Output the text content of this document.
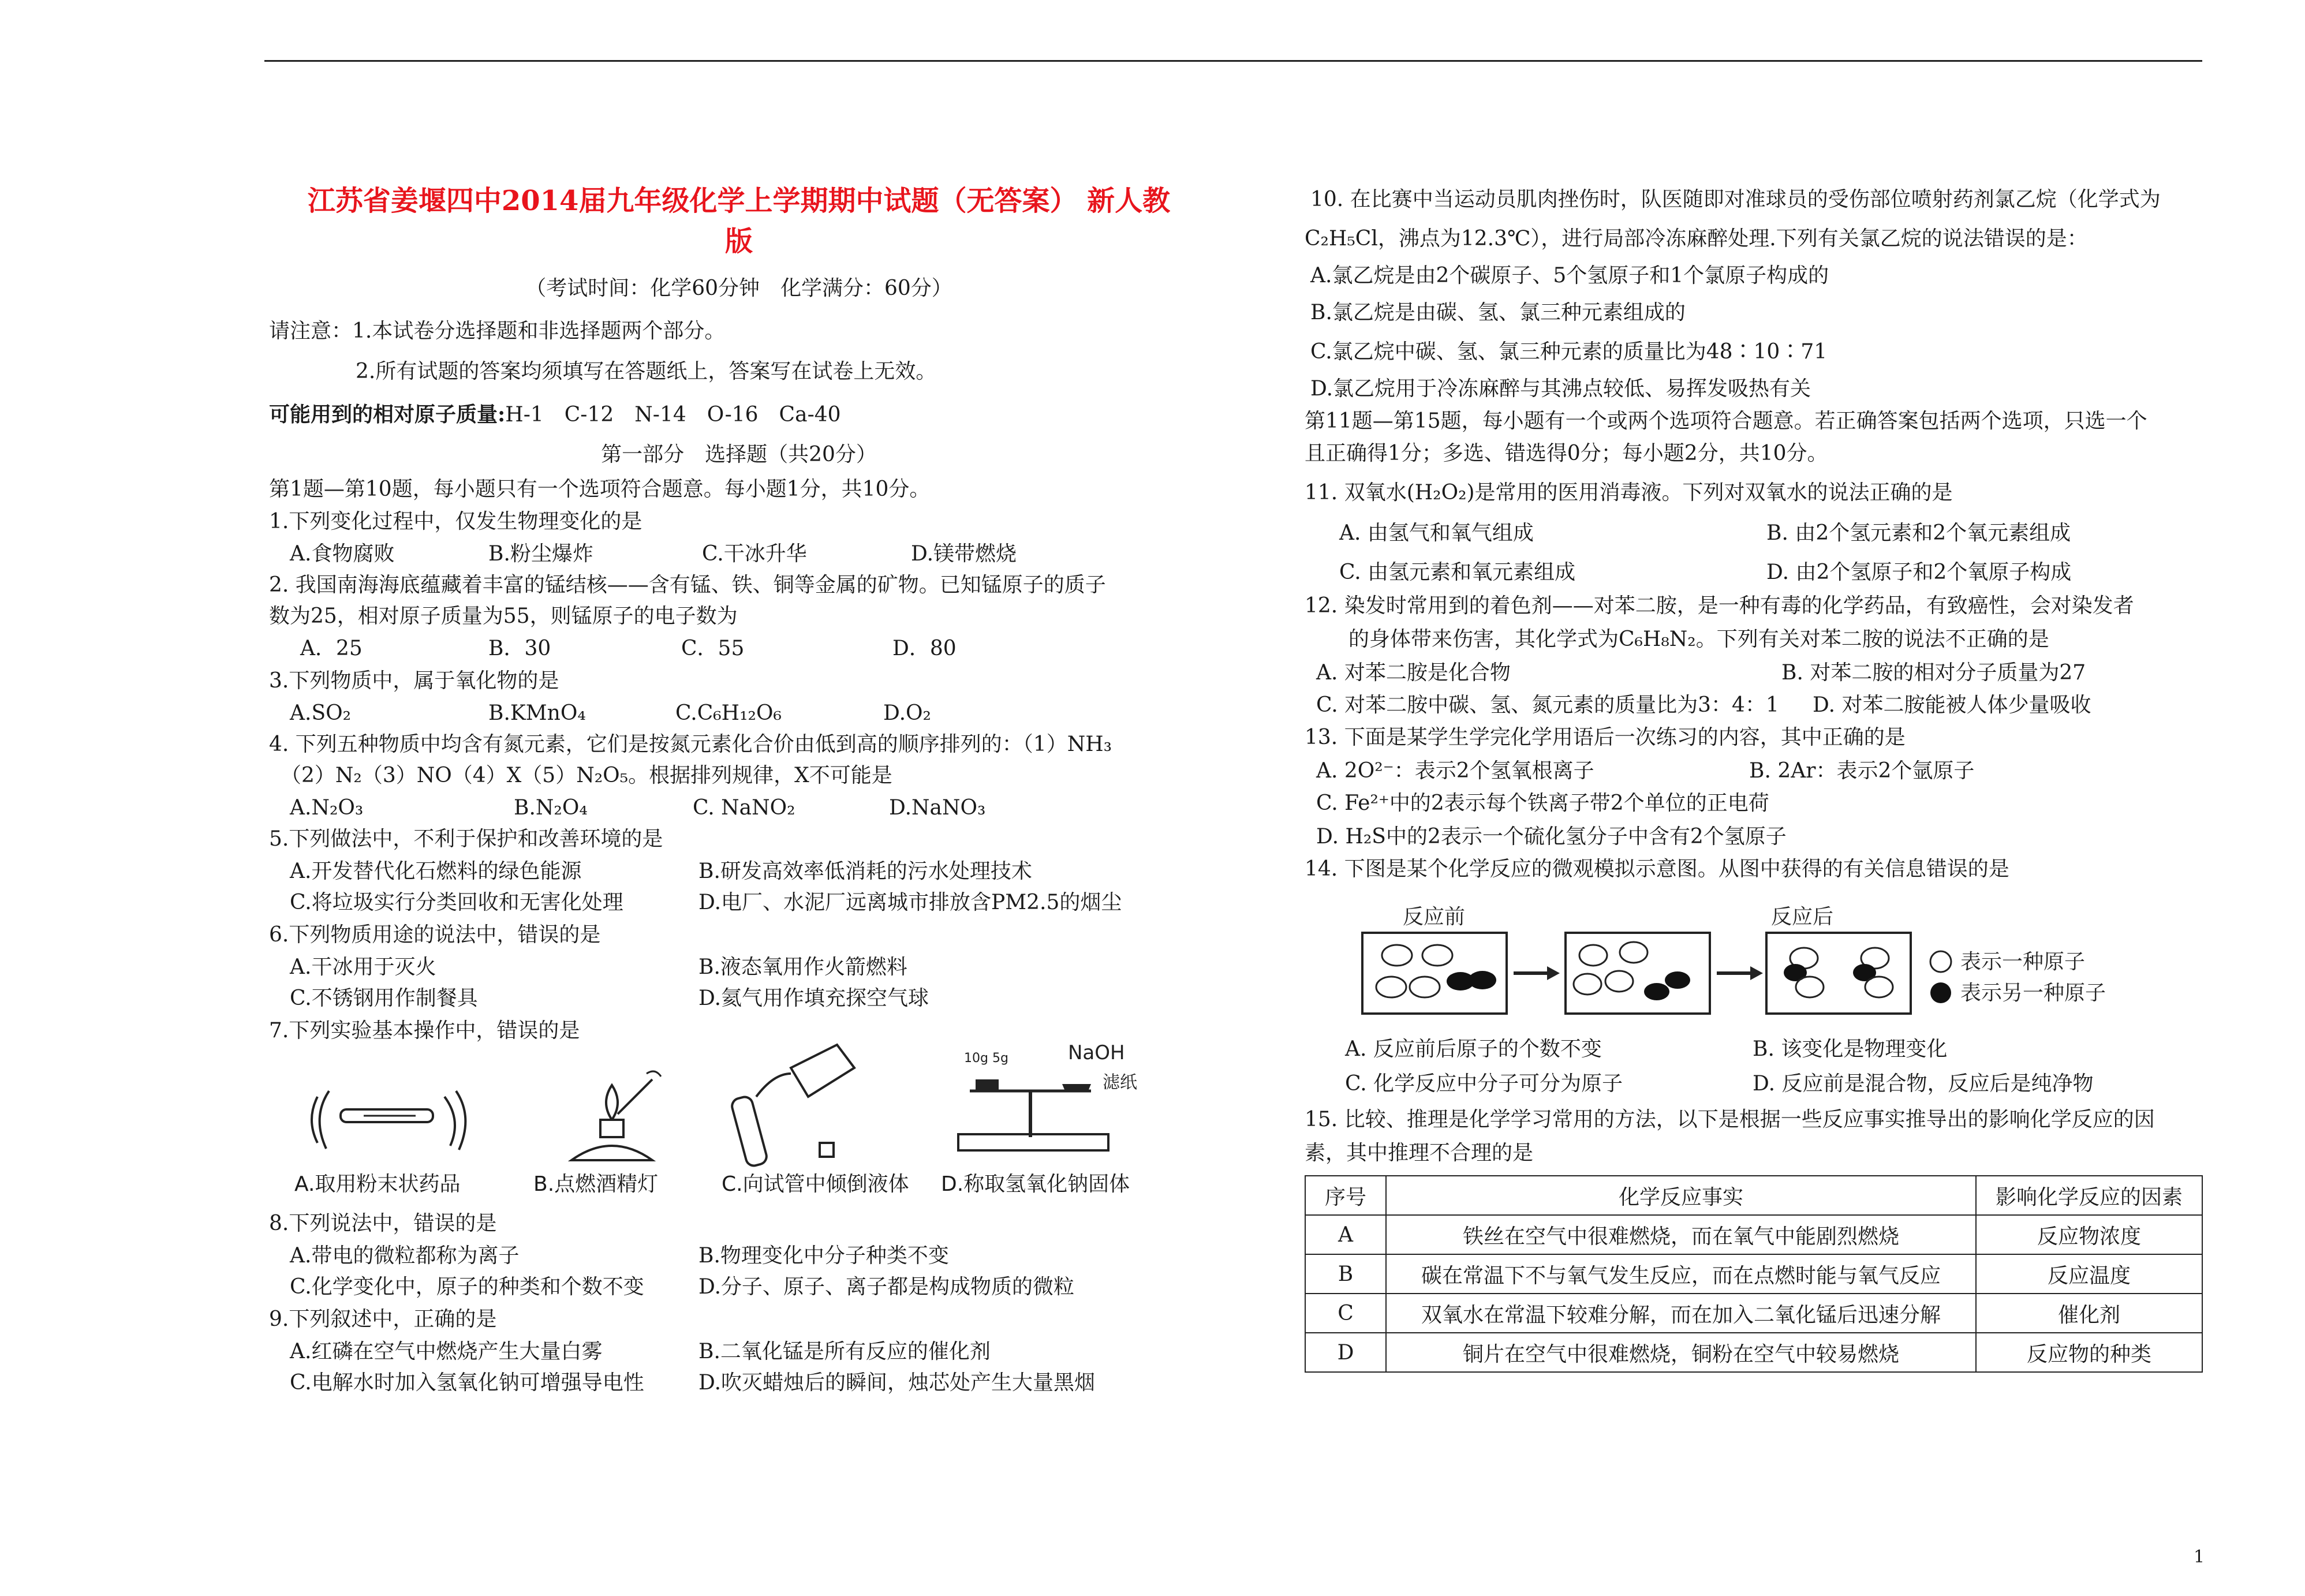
江苏省姜堰四中2014届九年级化学上学期期中试题（无答案） 新人教
版
（考试时间：化学60分钟　化学满分：60分）
请注意：1.本试卷分选择题和非选择题两个部分。
2.所有试题的答案均须填写在答题纸上，答案写在试卷上无效。
可能用到的相对原子质量:H-1　C-12　N-14　O-16　Ca-40
第一部分　选择题（共20分）
第1题—第10题，每小题只有一个选项符合题意。每小题1分，共10分。
1.下列变化过程中，仅发生物理变化的是
A.食物腐败	B.粉尘爆炸	C.干冰升华	D.镁带燃烧
2. 我国南海海底蕴藏着丰富的锰结核——含有锰、铁、铜等金属的矿物。已知锰原子的质子
数为25，相对原子质量为55，则锰原子的电子数为
A．25	B．30	C．55	D．80
3.下列物质中，属于氧化物的是
A.SO₂	B.KMnO₄	C.C₆H₁₂O₆	D.O₂
4. 下列五种物质中均含有氮元素，它们是按氮元素化合价由低到高的顺序排列的：（1）NH₃
（2）N₂（3）NO（4）X（5）N₂O₅。根据排列规律，X不可能是
A.N₂O₃	B.N₂O₄	C. NaNO₂	D.NaNO₃
5.下列做法中，不利于保护和改善环境的是
A.开发替代化石燃料的绿色能源	B.研发高效率低消耗的污水处理技术
C.将垃圾实行分类回收和无害化处理	D.电厂、水泥厂远离城市排放含PM2.5的烟尘
6.下列物质用途的说法中，错误的是
A.干冰用于灭火	B.液态氧用作火箭燃料
C.不锈钢用作制餐具	D.氦气用作填充探空气球
7.下列实验基本操作中，错误的是
10g 5g	NaOH
滤纸
A.取用粉末状药品	B.点燃酒精灯	C.向试管中倾倒液体 D.称取氢氧化钠固体
8.下列说法中，错误的是
A.带电的微粒都称为离子	B.物理变化中分子种类不变
C.化学变化中，原子的种类和个数不变	D.分子、原子、离子都是构成物质的微粒
9.下列叙述中，正确的是
A.红磷在空气中燃烧产生大量白雾	B.二氧化锰是所有反应的催化剂
C.电解水时加入氢氧化钠可增强导电性	D.吹灭蜡烛后的瞬间，烛芯处产生大量黑烟
10. 在比赛中当运动员肌肉挫伤时，队医随即对准球员的受伤部位喷射药剂氯乙烷（化学式为
C₂H₅Cl，沸点为12.3℃），进行局部冷冻麻醉处理.下列有关氯乙烷的说法错误的是：
A.氯乙烷是由2个碳原子、5个氢原子和1个氯原子构成的
B.氯乙烷是由碳、氢、氯三种元素组成的
C.氯乙烷中碳、氢、氯三种元素的质量比为48∶10∶71
D.氯乙烷用于冷冻麻醉与其沸点较低、易挥发吸热有关
第11题—第15题，每小题有一个或两个选项符合题意。若正确答案包括两个选项，只选一个
且正确得1分；多选、错选得0分；每小题2分，共10分。
11. 双氧水(H₂O₂)是常用的医用消毒液。下列对双氧水的说法正确的是
A. 由氢气和氧气组成	B. 由2个氢元素和2个氧元素组成
C. 由氢元素和氧元素组成	D. 由2个氢原子和2个氧原子构成
12. 染发时常用到的着色剂——对苯二胺，是一种有毒的化学药品，有致癌性，会对染发者
的身体带来伤害，其化学式为C₆H₈N₂。下列有关对苯二胺的说法不正确的是
A. 对苯二胺是化合物	B. 对苯二胺的相对分子质量为27
C. 对苯二胺中碳、氢、氮元素的质量比为3：4：1 D. 对苯二胺能被人体少量吸收
13. 下面是某学生学完化学用语后一次练习的内容，其中正确的是
A. 2O²⁻：表示2个氢氧根离子	B. 2Ar：表示2个氩原子
C. Fe²⁺中的2表示每个铁离子带2个单位的正电荷
D. H₂S中的2表示一个硫化氢分子中含有2个氢原子
14. 下图是某个化学反应的微观模拟示意图。从图中获得的有关信息错误的是
反应前	反应后
表示一种原子
表示另一种原子
A. 反应前后原子的个数不变	B. 该变化是物理变化
C. 化学反应中分子可分为原子	D. 反应前是混合物，反应后是纯净物
15. 比较、推理是化学学习常用的方法，以下是根据一些反应事实推导出的影响化学反应的因
素，其中推理不合理的是
序号	化学反应事实	影响化学反应的因素
A	铁丝在空气中很难燃烧，而在氧气中能剧烈燃烧	反应物浓度
B	碳在常温下不与氧气发生反应，而在点燃时能与氧气反应	反应温度
C	双氧水在常温下较难分解，而在加入二氧化锰后迅速分解	催化剂
D	铜片在空气中很难燃烧，铜粉在空气中较易燃烧	反应物的种类
1
